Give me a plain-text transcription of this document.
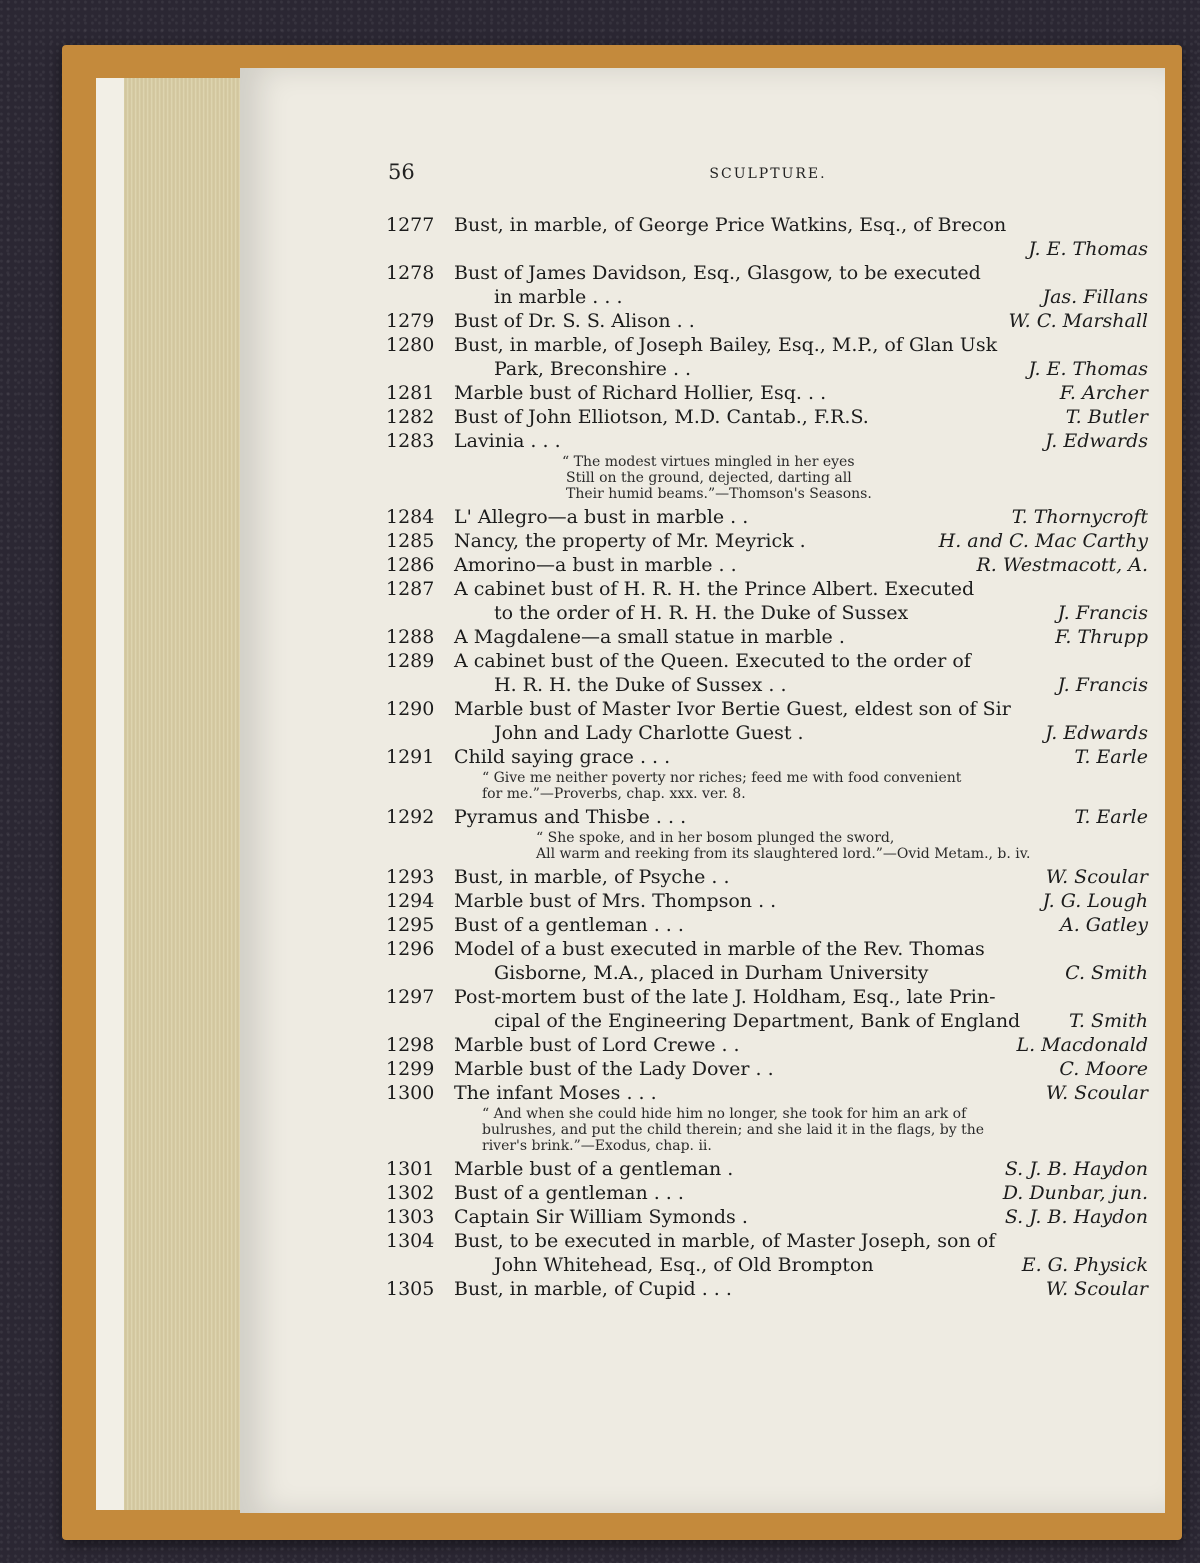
56	SCULPTURE.
1277	Bust, in marble, of George Price Watkins, Esq., of Brecon
J. E. Thomas
1278	Bust of James Davidson, Esq., Glasgow, to be executed
in marble . . .	Jas. Fillans
1279	Bust of Dr. S. S. Alison . .	W. C. Marshall
1280	Bust, in marble, of Joseph Bailey, Esq., M.P., of Glan Usk
Park, Breconshire . .	J. E. Thomas
1281	Marble bust of Richard Hollier, Esq. . .	F. Archer
1282	Bust of John Elliotson, M.D. Cantab., F.R.S.	T. Butler
1283	Lavinia . . .	J. Edwards
“ The modest virtues mingled in her eyes
Still on the ground, dejected, darting all
Their humid beams.”—Thomson's Seasons.
1284	L' Allegro—a bust in marble . .	T. Thornycroft
1285	Nancy, the property of Mr. Meyrick .	H. and C. Mac Carthy
1286	Amorino—a bust in marble . .	R. Westmacott, A.
1287	A cabinet bust of H. R. H. the Prince Albert. Executed
to the order of H. R. H. the Duke of Sussex	J. Francis
1288	A Magdalene—a small statue in marble .	F. Thrupp
1289	A cabinet bust of the Queen. Executed to the order of
H. R. H. the Duke of Sussex . .	J. Francis
1290	Marble bust of Master Ivor Bertie Guest, eldest son of Sir
John and Lady Charlotte Guest .	J. Edwards
1291	Child saying grace . . .	T. Earle
“ Give me neither poverty nor riches; feed me with food convenient
for me.”—Proverbs, chap. xxx. ver. 8.
1292	Pyramus and Thisbe . . .	T. Earle
“ She spoke, and in her bosom plunged the sword,
All warm and reeking from its slaughtered lord.”—Ovid Metam., b. iv.
1293	Bust, in marble, of Psyche . .	W. Scoular
1294	Marble bust of Mrs. Thompson . .	J. G. Lough
1295	Bust of a gentleman . . .	A. Gatley
1296	Model of a bust executed in marble of the Rev. Thomas
Gisborne, M.A., placed in Durham University	C. Smith
1297	Post-mortem bust of the late J. Holdham, Esq., late Prin-
cipal of the Engineering Department, Bank of England	T. Smith
1298	Marble bust of Lord Crewe . .	L. Macdonald
1299	Marble bust of the Lady Dover . .	C. Moore
1300	The infant Moses . . .	W. Scoular
“ And when she could hide him no longer, she took for him an ark of
bulrushes, and put the child therein; and she laid it in the flags, by the
river's brink.”—Exodus, chap. ii.
1301	Marble bust of a gentleman .	S. J. B. Haydon
1302	Bust of a gentleman . . .	D. Dunbar, jun.
1303	Captain Sir William Symonds .	S. J. B. Haydon
1304	Bust, to be executed in marble, of Master Joseph, son of
John Whitehead, Esq., of Old Brompton	E. G. Physick
1305	Bust, in marble, of Cupid . . .	W. Scoular
